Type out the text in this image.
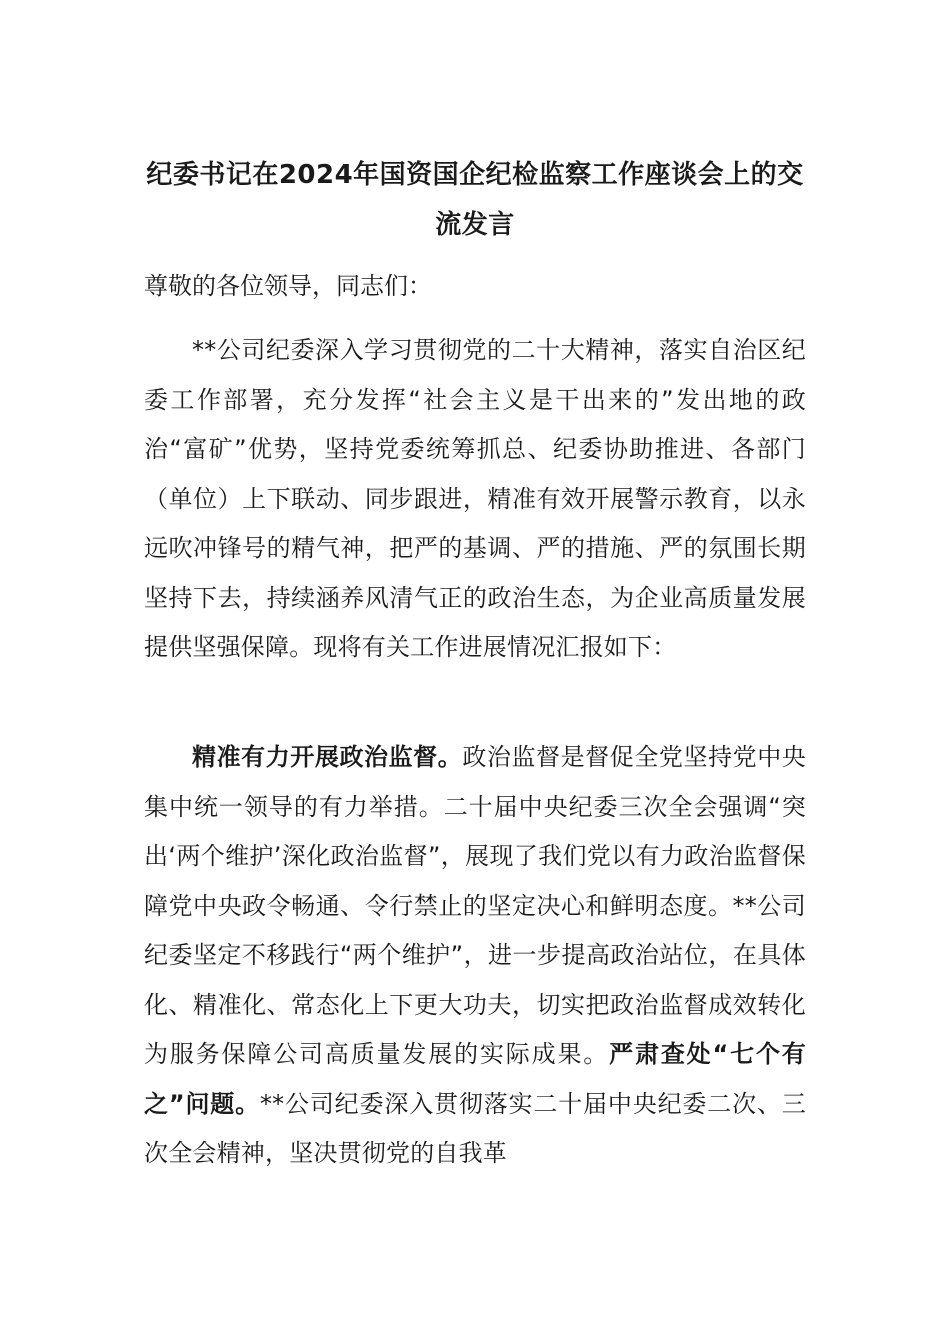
纪委书记在2024年国资国企纪检监察工作座谈会上的交流发言

尊敬的各位领导，同志们：

**公司纪委深入学习贯彻党的二十大精神，落实自治区纪委工作部署，充分发挥“社会主义是干出来的”发出地的政治“富矿”优势，坚持党委统筹抓总、纪委协助推进、各部门（单位）上下联动、同步跟进，精准有效开展警示教育，以永远吹冲锋号的精气神，把严的基调、严的措施、严的氛围长期坚持下去，持续涵养风清气正的政治生态，为企业高质量发展提供坚强保障。现将有关工作进展情况汇报如下：

精准有力开展政治监督。政治监督是督促全党坚持党中央集中统一领导的有力举措。二十届中央纪委三次全会强调“突出‘两个维护’深化政治监督”，展现了我们党以有力政治监督保障党中央政令畅通、令行禁止的坚定决心和鲜明态度。**公司纪委坚定不移践行“两个维护”，进一步提高政治站位，在具体化、精准化、常态化上下更大功夫，切实把政治监督成效转化为服务保障公司高质量发展的实际成果。严肃查处“七个有之”问题。**公司纪委深入贯彻落实二十届中央纪委二次、三次全会精神，坚决贯彻党的自我革
